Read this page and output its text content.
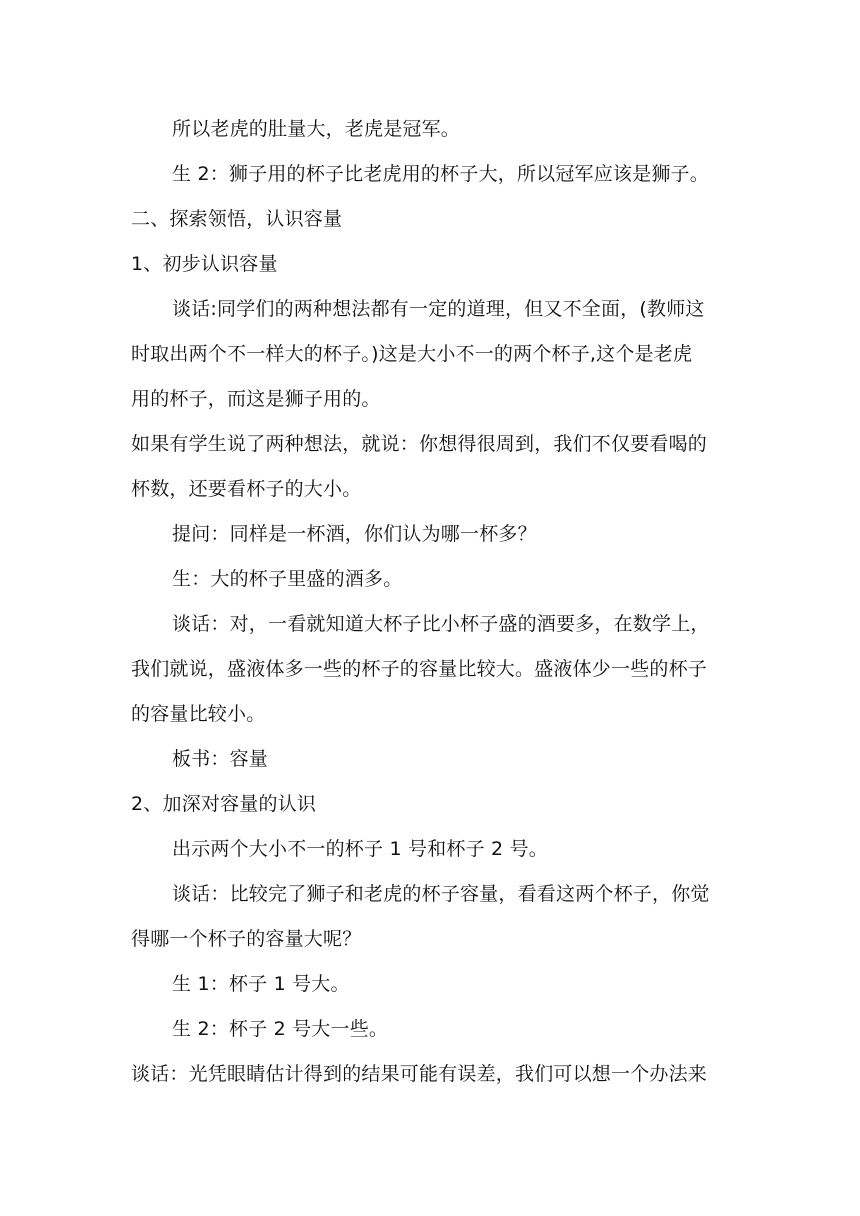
所以老虎的肚量大，老虎是冠军。
生 2：狮子用的杯子比老虎用的杯子大，所以冠军应该是狮子。
二、探索领悟，认识容量
1、初步认识容量
谈话:同学们的两种想法都有一定的道理，但又不全面，(教师这
时取出两个不一样大的杯子。)这是大小不一的两个杯子,这个是老虎
用的杯子，而这是狮子用的。
如果有学生说了两种想法，就说：你想得很周到，我们不仅要看喝的
杯数，还要看杯子的大小。
提问：同样是一杯酒，你们认为哪一杯多？
生：大的杯子里盛的酒多。
谈话：对，一看就知道大杯子比小杯子盛的酒要多，在数学上，
我们就说，盛液体多一些的杯子的容量比较大。盛液体少一些的杯子
的容量比较小。
板书：容量
2、加深对容量的认识
出示两个大小不一的杯子 1 号和杯子 2 号。
谈话：比较完了狮子和老虎的杯子容量，看看这两个杯子，你觉
得哪一个杯子的容量大呢？
生 1：杯子 1 号大。
生 2：杯子 2 号大一些。
谈话：光凭眼睛估计得到的结果可能有误差，我们可以想一个办法来
